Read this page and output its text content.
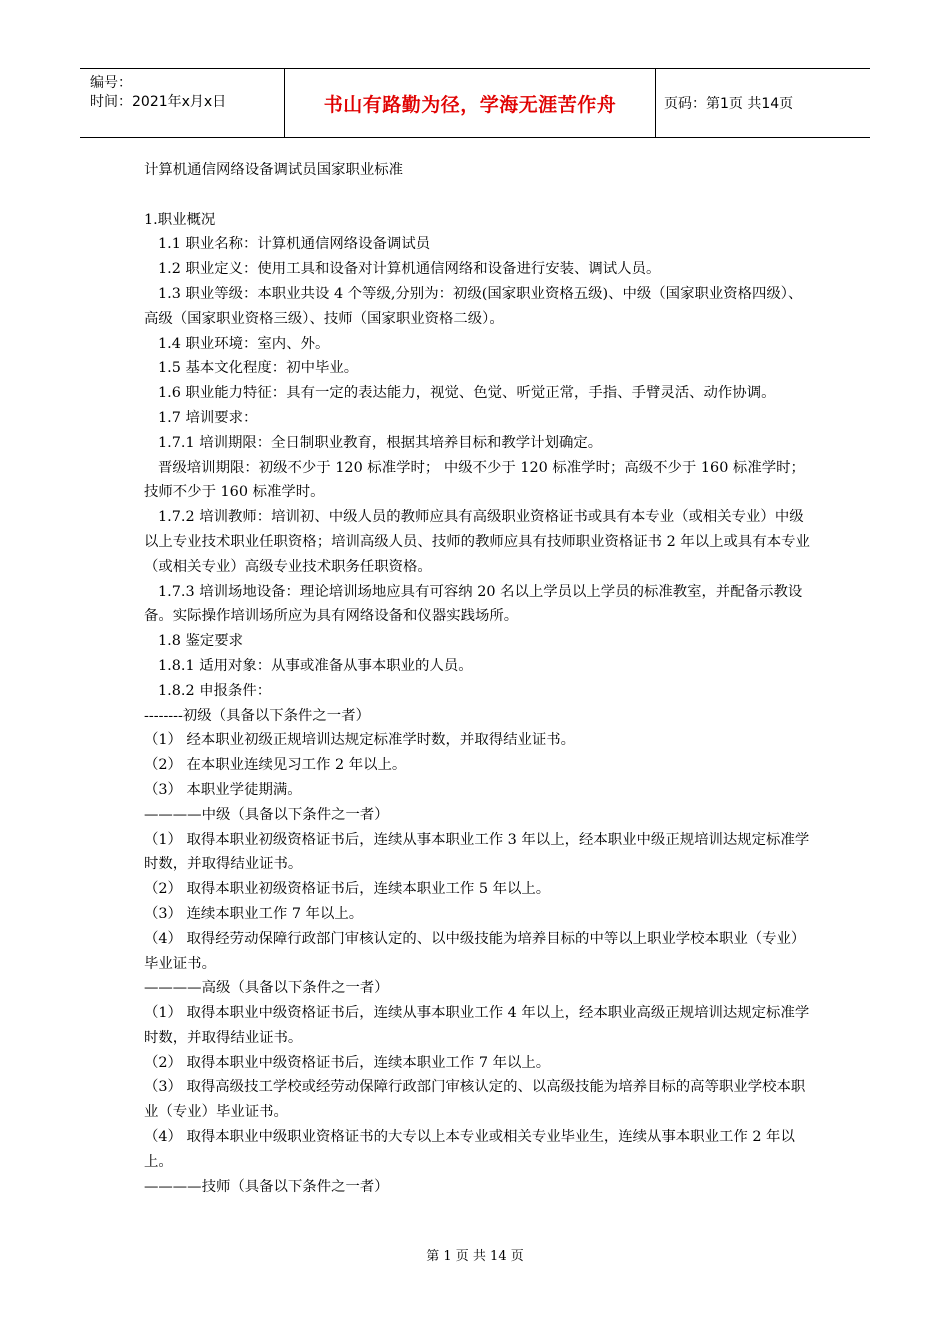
编号：
时间：2021年x月x日	书山有路勤为径，学海无涯苦作舟	页码：第1页 共14页

计算机通信网络设备调试员国家职业标准

1.职业概况

1.1 职业名称：计算机通信网络设备调试员

1.2 职业定义：使用工具和设备对计算机通信网络和设备进行安装、调试人员。

1.3 职业等级：本职业共设 4 个等级,分别为：初级(国家职业资格五级)、中级（国家职业资格四级）、高级（国家职业资格三级）、技师（国家职业资格二级）。

1.4 职业环境：室内、外。

1.5 基本文化程度：初中毕业。

1.6 职业能力特征：具有一定的表达能力，视觉、色觉、听觉正常，手指、手臂灵活、动作协调。

1.7 培训要求：

1.7.1 培训期限：全日制职业教育，根据其培养目标和教学计划确定。

晋级培训期限：初级不少于 120 标准学时； 中级不少于 120 标准学时；高级不少于 160 标准学时；技师不少于 160 标准学时。

1.7.2 培训教师：培训初、中级人员的教师应具有高级职业资格证书或具有本专业（或相关专业）中级以上专业技术职业任职资格；培训高级人员、技师的教师应具有技师职业资格证书 2 年以上或具有本专业（或相关专业）高级专业技术职务任职资格。

1.7.3 培训场地设备：理论培训场地应具有可容纳 20 名以上学员以上学员的标准教室，并配备示教设备。实际操作培训场所应为具有网络设备和仪器实践场所。

1.8 鉴定要求

1.8.1 适用对象：从事或准备从事本职业的人员。

1.8.2 申报条件：

--------初级（具备以下条件之一者）

（1） 经本职业初级正规培训达规定标准学时数，并取得结业证书。

（2） 在本职业连续见习工作 2 年以上。

（3） 本职业学徒期满。

————中级（具备以下条件之一者）

（1） 取得本职业初级资格证书后，连续从事本职业工作 3 年以上，经本职业中级正规培训达规定标准学时数，并取得结业证书。

（2） 取得本职业初级资格证书后，连续本职业工作 5 年以上。

（3） 连续本职业工作 7 年以上。

（4） 取得经劳动保障行政部门审核认定的、以中级技能为培养目标的中等以上职业学校本职业（专业）毕业证书。

————高级（具备以下条件之一者）

（1） 取得本职业中级资格证书后，连续从事本职业工作 4 年以上，经本职业高级正规培训达规定标准学时数，并取得结业证书。

（2） 取得本职业中级资格证书后，连续本职业工作 7 年以上。

（3） 取得高级技工学校或经劳动保障行政部门审核认定的、以高级技能为培养目标的高等职业学校本职业（专业）毕业证书。

（4） 取得本职业中级职业资格证书的大专以上本专业或相关专业毕业生，连续从事本职业工作 2 年以上。

————技师（具备以下条件之一者）

第 1 页 共 14 页
